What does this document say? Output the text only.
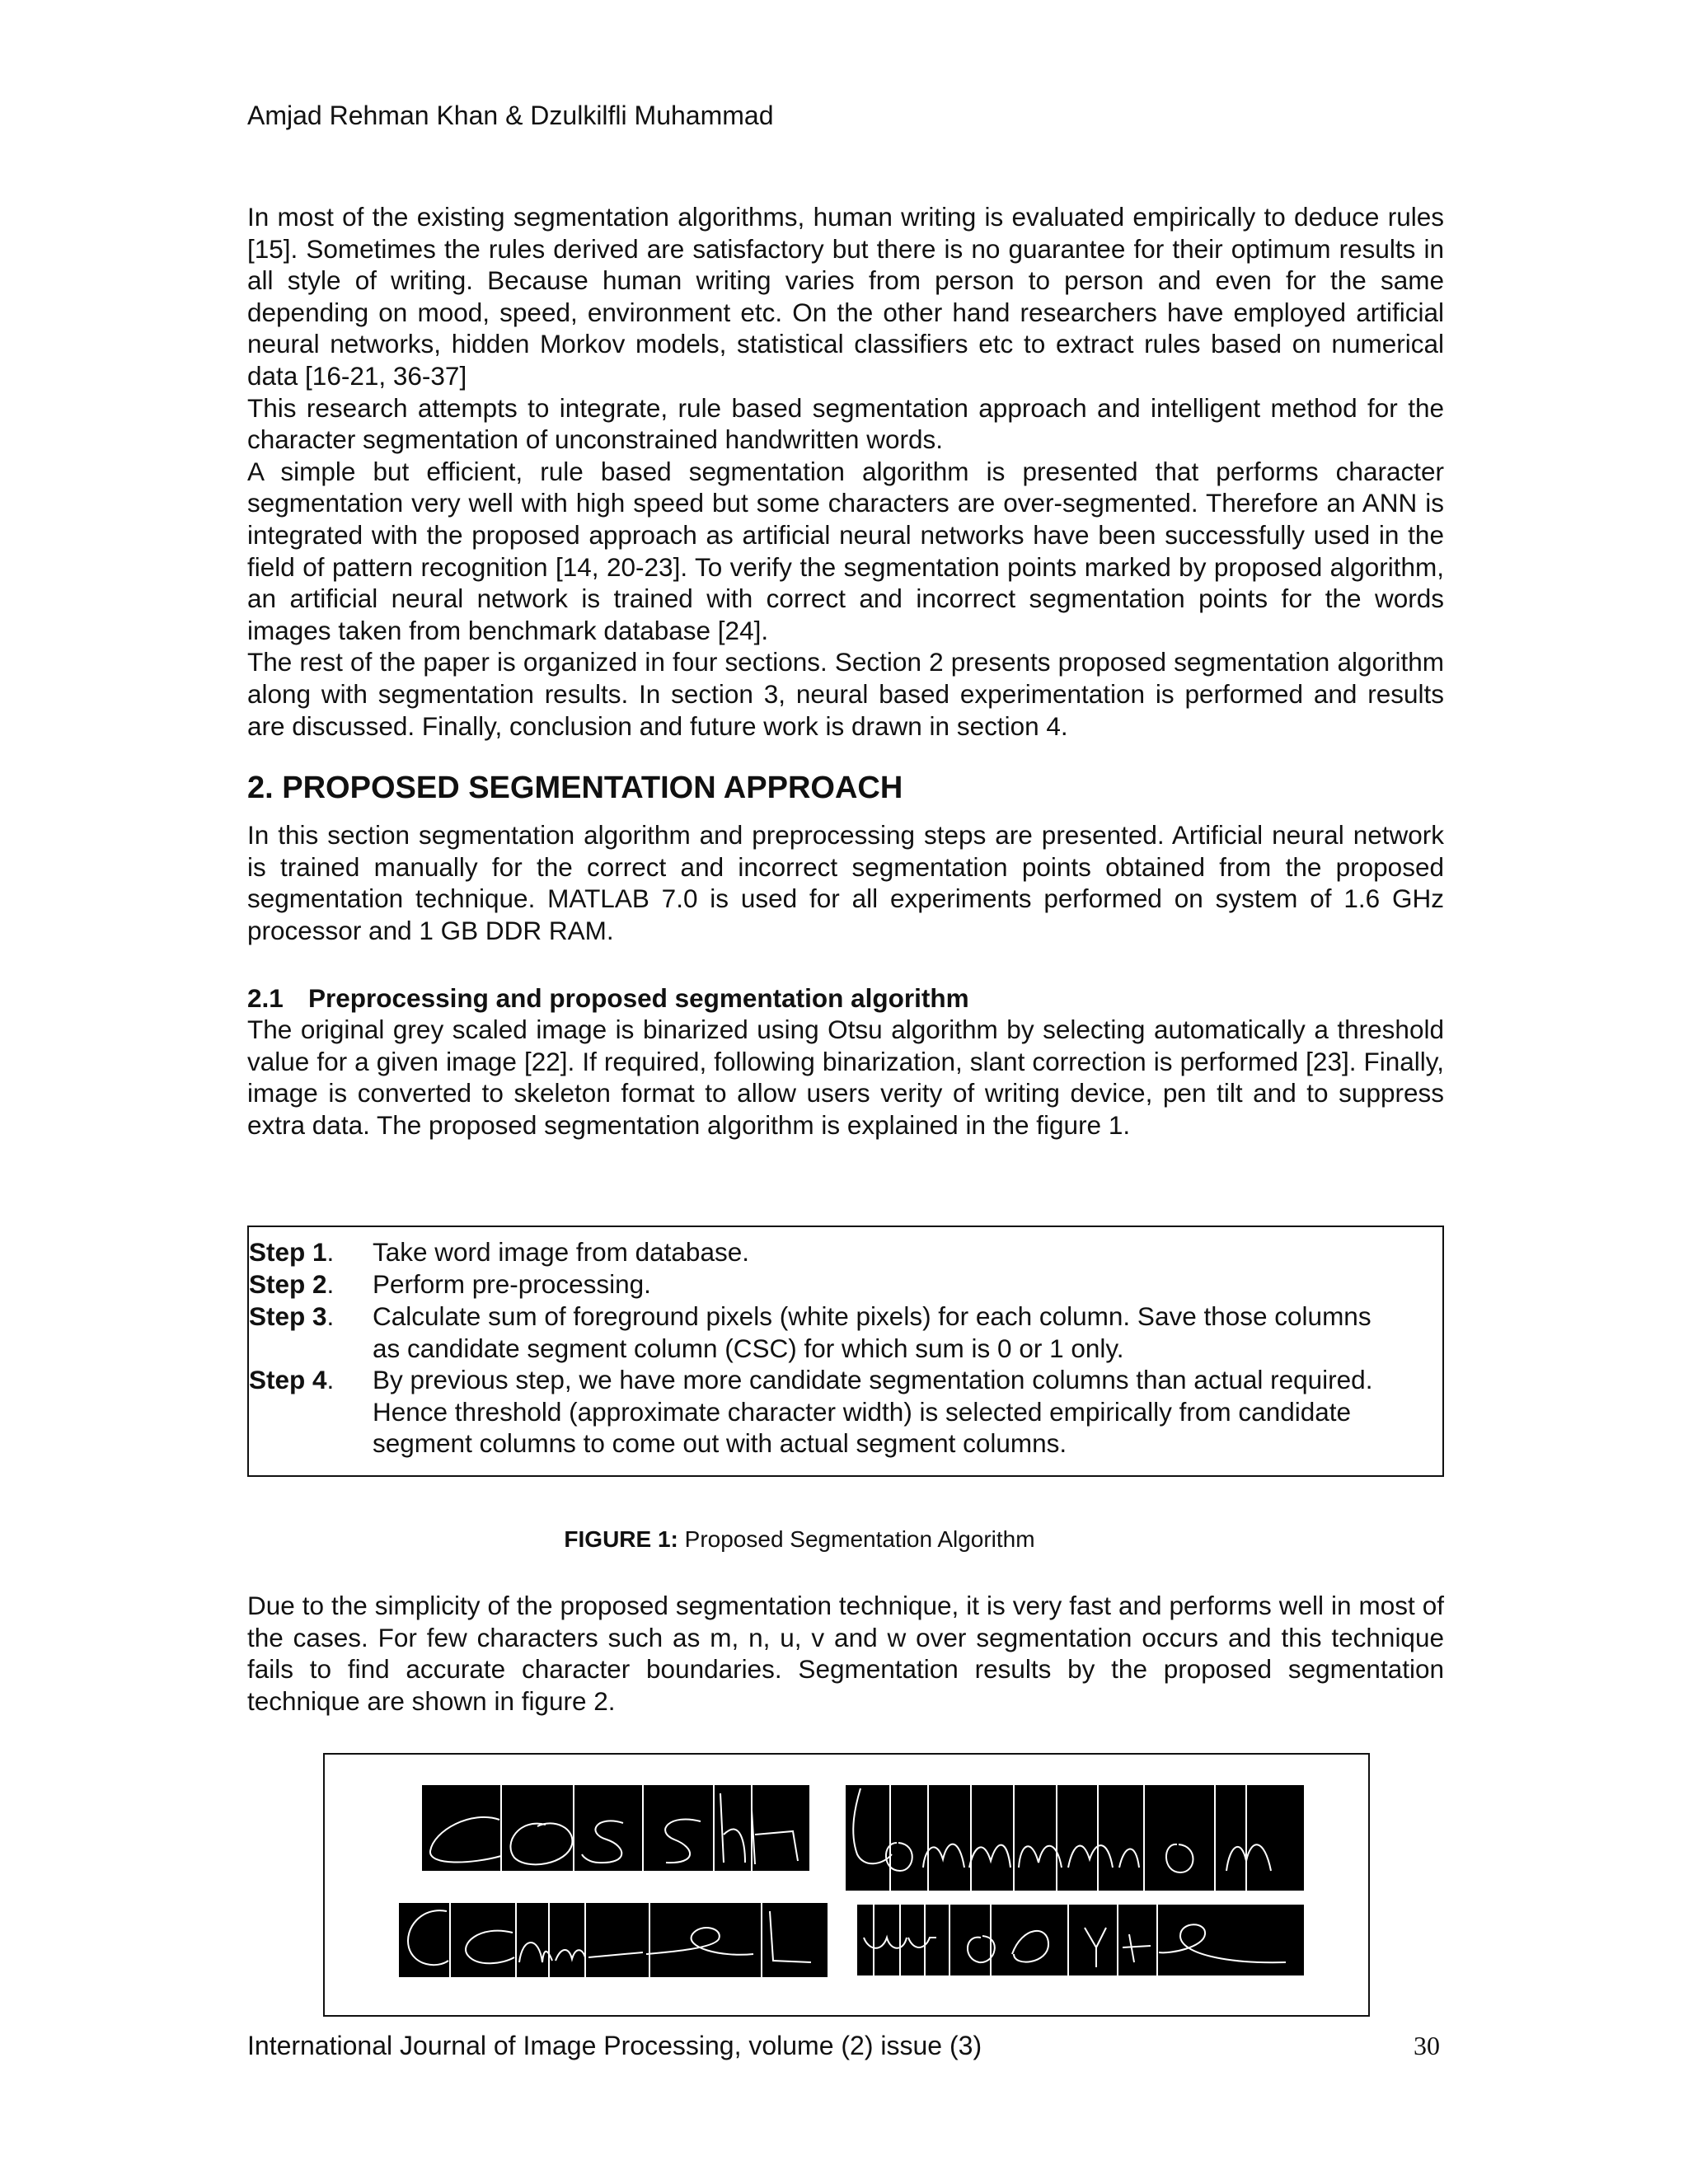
Amjad Rehman Khan & Dzulkilfli Muhammad

In most of the existing segmentation algorithms, human writing is evaluated empirically to deduce rules [15]. Sometimes the rules derived are satisfactory but there is no guarantee for their optimum results in all style of writing. Because human writing varies from person to person and even for the same depending on mood, speed, environment etc. On the other hand researchers have employed artificial neural networks, hidden Morkov models, statistical classifiers etc to extract rules based on numerical data [16-21, 36-37]

This research attempts to integrate, rule based segmentation approach and intelligent method for the character segmentation of unconstrained handwritten words.

A simple but efficient, rule based segmentation algorithm is presented that performs character segmentation very well with high speed but some characters are over-segmented. Therefore an ANN is integrated with the proposed approach as artificial neural networks have been successfully used in the field of pattern recognition [14, 20-23]. To verify the segmentation points marked by proposed algorithm, an artificial neural network is trained with correct and incorrect segmentation points for the words images taken from benchmark database [24].

The rest of the paper is organized in four sections. Section 2 presents proposed segmentation algorithm along with segmentation results. In section 3, neural based experimentation is performed and results are discussed. Finally, conclusion and future work is drawn in section 4.

2. PROPOSED SEGMENTATION APPROACH

In this section segmentation algorithm and preprocessing steps are presented. Artificial neural network is trained manually for the correct and incorrect segmentation points obtained from the proposed segmentation technique. MATLAB 7.0 is used for all experiments performed on system of 1.6 GHz processor and 1 GB DDR RAM.

2.1 Preprocessing and proposed segmentation algorithm

The original grey scaled image is binarized using Otsu algorithm by selecting automatically a threshold value for a given image [22]. If required, following binarization, slant correction is performed [23]. Finally, image is converted to skeleton format to allow users verity of writing device, pen tilt and to suppress extra data. The proposed segmentation algorithm is explained in the figure 1.

Step 1. Take word image from database.
Step 2. Perform pre-processing.
Step 3. Calculate sum of foreground pixels (white pixels) for each column. Save those columns
as candidate segment column (CSC) for which sum is 0 or 1 only.
Step 4. By previous step, we have more candidate segmentation columns than actual required.
Hence threshold (approximate character width) is selected empirically from candidate
segment columns to come out with actual segment columns.
FIGURE 1: Proposed Segmentation Algorithm

Due to the simplicity of the proposed segmentation technique, it is very fast and performs well in most of the cases. For few characters such as m, n, u, v and w over segmentation occurs and this technique fails to find accurate character boundaries. Segmentation results by the proposed segmentation technique are shown in figure 2.

International Journal of Image Processing, volume (2) issue (3)	30
